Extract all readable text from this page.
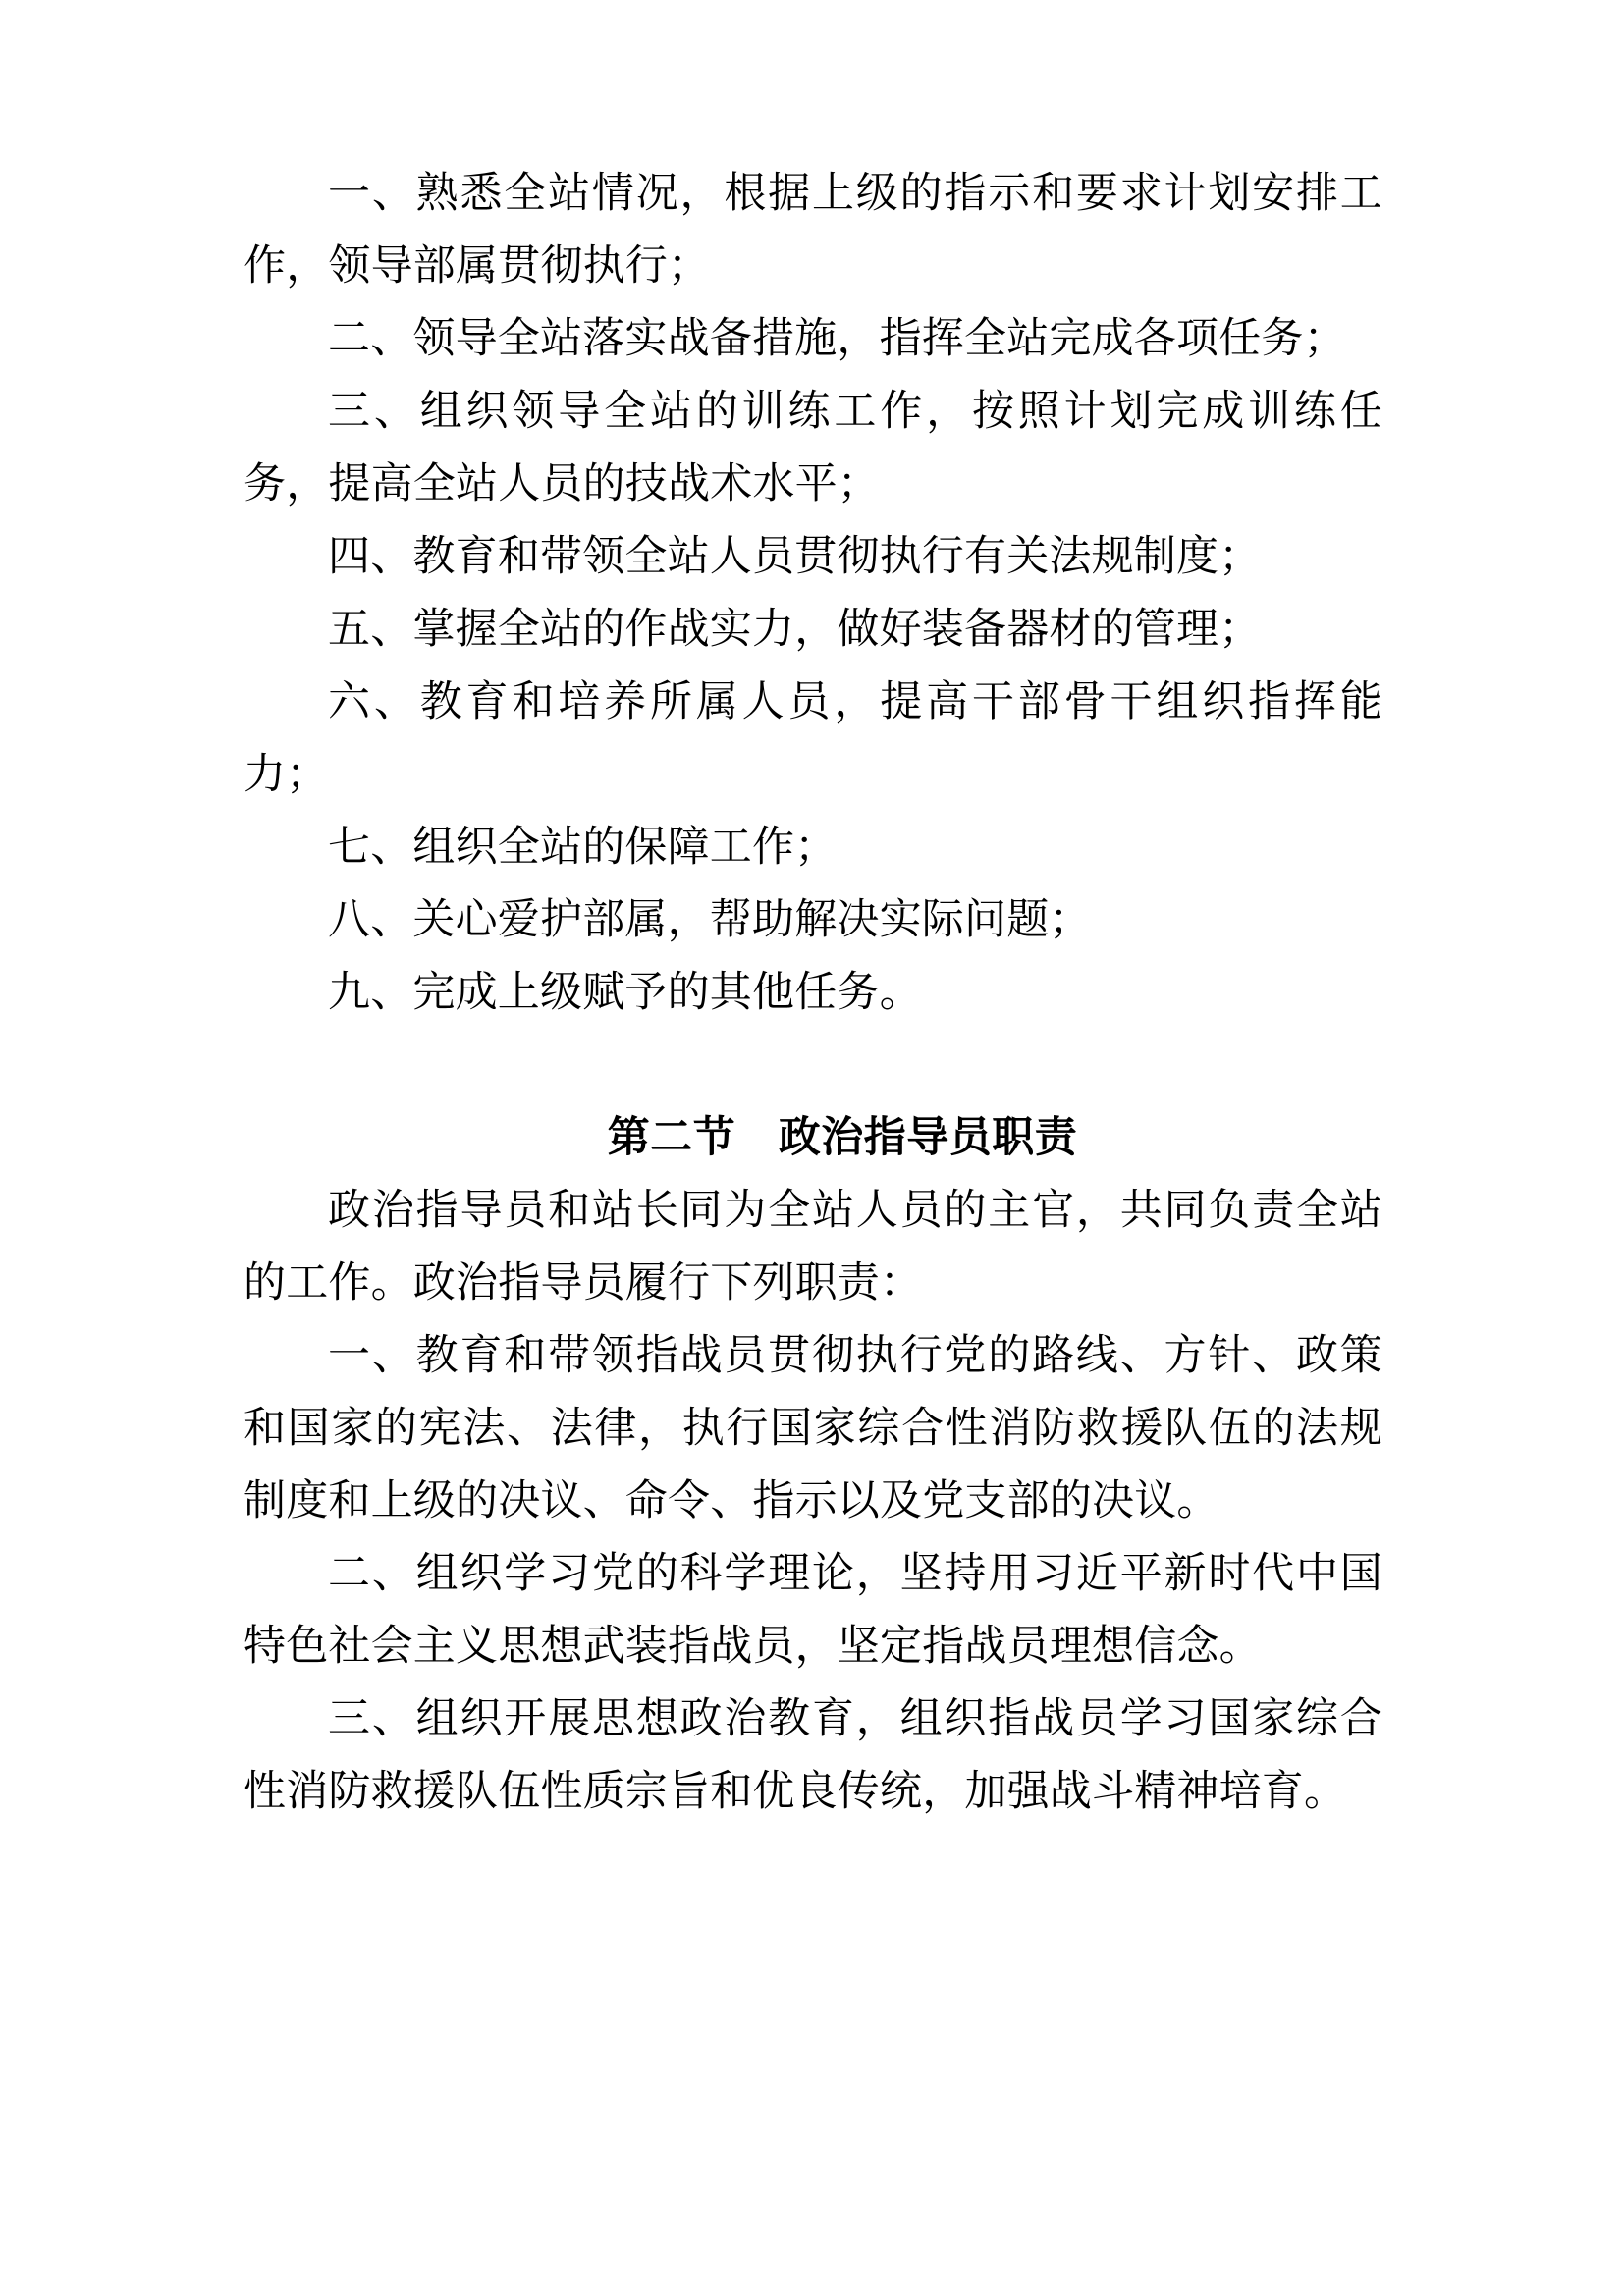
一、熟悉全站情况，根据上级的指示和要求计划安排工作，领导部属贯彻执行；

二、领导全站落实战备措施，指挥全站完成各项任务；

三、组织领导全站的训练工作，按照计划完成训练任务，提高全站人员的技战术水平；

四、教育和带领全站人员贯彻执行有关法规制度；

五、掌握全站的作战实力，做好装备器材的管理；

六、教育和培养所属人员，提高干部骨干组织指挥能力；

七、组织全站的保障工作；

八、关心爱护部属，帮助解决实际问题；

九、完成上级赋予的其他任务。

第二节　政治指导员职责

政治指导员和站长同为全站人员的主官，共同负责全站的工作。政治指导员履行下列职责：

一、教育和带领指战员贯彻执行党的路线、方针、政策和国家的宪法、法律，执行国家综合性消防救援队伍的法规制度和上级的决议、命令、指示以及党支部的决议。

二、组织学习党的科学理论，坚持用习近平新时代中国特色社会主义思想武装指战员，坚定指战员理想信念。

三、组织开展思想政治教育，组织指战员学习国家综合性消防救援队伍性质宗旨和优良传统，加强战斗精神培育。
